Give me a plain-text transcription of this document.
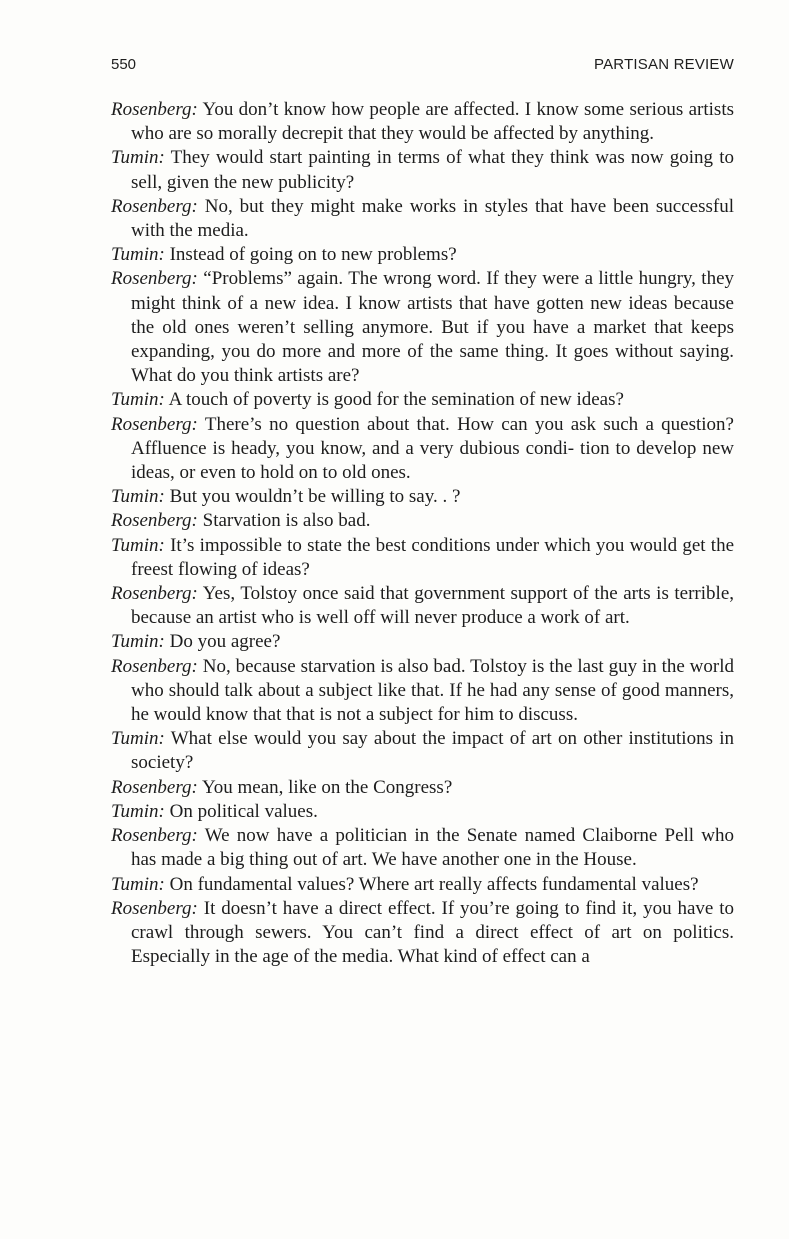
550	PARTISAN REVIEW

Rosenberg: You don’t know how people are affected. I know some serious artists who are so morally decrepit that they would be affected by anything.

Tumin: They would start painting in terms of what they think was now going to sell, given the new publicity?

Rosenberg: No, but they might make works in styles that have been successful with the media.

Tumin: Instead of going on to new problems?

Rosenberg: “Problems” again. The wrong word. If they were a little hungry, they might think of a new idea. I know artists that have gotten new ideas because the old ones weren’t selling anymore. But if you have a market that keeps expanding, you do more and more of the same thing. It goes without saying. What do you think artists are?

Tumin: A touch of poverty is good for the semination of new ideas?

Rosenberg: There’s no question about that. How can you ask such a question? Affluence is heady, you know, and a very dubious condi- tion to develop new ideas, or even to hold on to old ones.

Tumin: But you wouldn’t be willing to say. . ?

Rosenberg: Starvation is also bad.

Tumin: It’s impossible to state the best conditions under which you would get the freest flowing of ideas?

Rosenberg: Yes, Tolstoy once said that government support of the arts is terrible, because an artist who is well off will never produce a work of art.

Tumin: Do you agree?

Rosenberg: No, because starvation is also bad. Tolstoy is the last guy in the world who should talk about a subject like that. If he had any sense of good manners, he would know that that is not a subject for him to discuss.

Tumin: What else would you say about the impact of art on other institutions in society?

Rosenberg: You mean, like on the Congress?

Tumin: On political values.

Rosenberg: We now have a politician in the Senate named Claiborne Pell who has made a big thing out of art. We have another one in the House.

Tumin: On fundamental values? Where art really affects fundamental values?

Rosenberg: It doesn’t have a direct effect. If you’re going to find it, you have to crawl through sewers. You can’t find a direct effect of art on politics. Especially in the age of the media. What kind of effect can a
